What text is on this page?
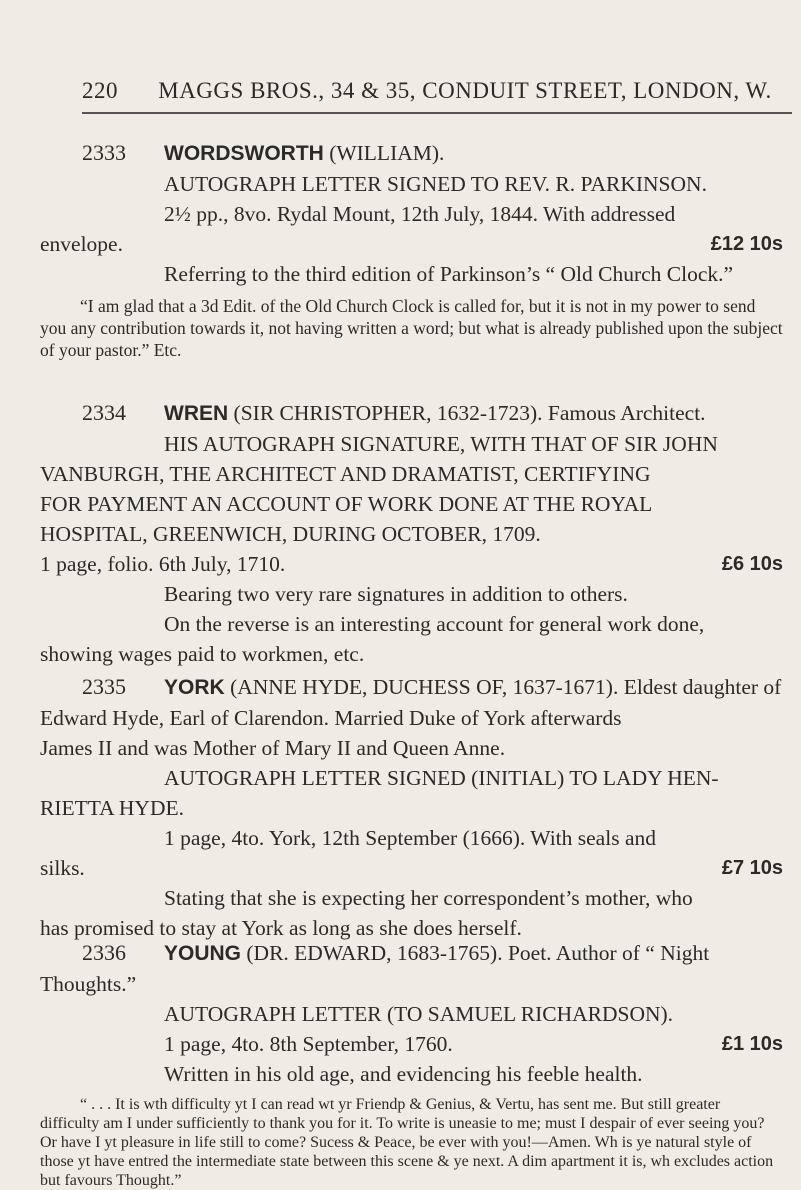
220 MAGGS BROS., 34 & 35, CONDUIT STREET, LONDON, W.
2333 WORDSWORTH (WILLIAM).
AUTOGRAPH LETTER SIGNED TO REV. R. PARKINSON.
2½ pp., 8vo. Rydal Mount, 12th July, 1844. With addressed
envelope.	£12 10s
Referring to the third edition of Parkinson’s “ Old Church Clock.”
“I am glad that a 3d Edit. of the Old Church Clock is called for, but it is not in my power to send you any contribution towards it, not having written a word; but what is already published upon the subject of your pastor.” Etc.
2334 WREN (SIR CHRISTOPHER, 1632-1723). Famous Architect.
HIS AUTOGRAPH SIGNATURE, WITH THAT OF SIR JOHN
VANBURGH, THE ARCHITECT AND DRAMATIST, CERTIFYING
FOR PAYMENT AN ACCOUNT OF WORK DONE AT THE ROYAL
HOSPITAL, GREENWICH, DURING OCTOBER, 1709.
1 page, folio. 6th July, 1710.	£6 10s
Bearing two very rare signatures in addition to others.
On the reverse is an interesting account for general work done,
showing wages paid to workmen, etc.
2335 YORK (ANNE HYDE, DUCHESS OF, 1637-1671). Eldest daughter of
Edward Hyde, Earl of Clarendon. Married Duke of York afterwards
James II and was Mother of Mary II and Queen Anne.
AUTOGRAPH LETTER SIGNED (INITIAL) TO LADY HEN-
RIETTA HYDE.
1 page, 4to. York, 12th September (1666). With seals and
silks.	£7 10s
Stating that she is expecting her correspondent’s mother, who
has promised to stay at York as long as she does herself.
2336 YOUNG (DR. EDWARD, 1683-1765). Poet. Author of “ Night
Thoughts.”
AUTOGRAPH LETTER (TO SAMUEL RICHARDSON).
1 page, 4to. 8th September, 1760.	£1 10s
Written in his old age, and evidencing his feeble health.
“ . . . It is wth difficulty yt I can read wt yr Friendp & Genius, & Vertu, has sent me. But still greater difficulty am I under sufficiently to thank you for it. To write is uneasie to me; must I despair of ever seeing you? Or have I yt pleasure in life still to come? Sucess & Peace, be ever with you!—Amen. Wh is ye natural style of those yt have entred the intermediate state between this scene & ye next. A dim apartment it is, wh excludes action but favours Thought.”
